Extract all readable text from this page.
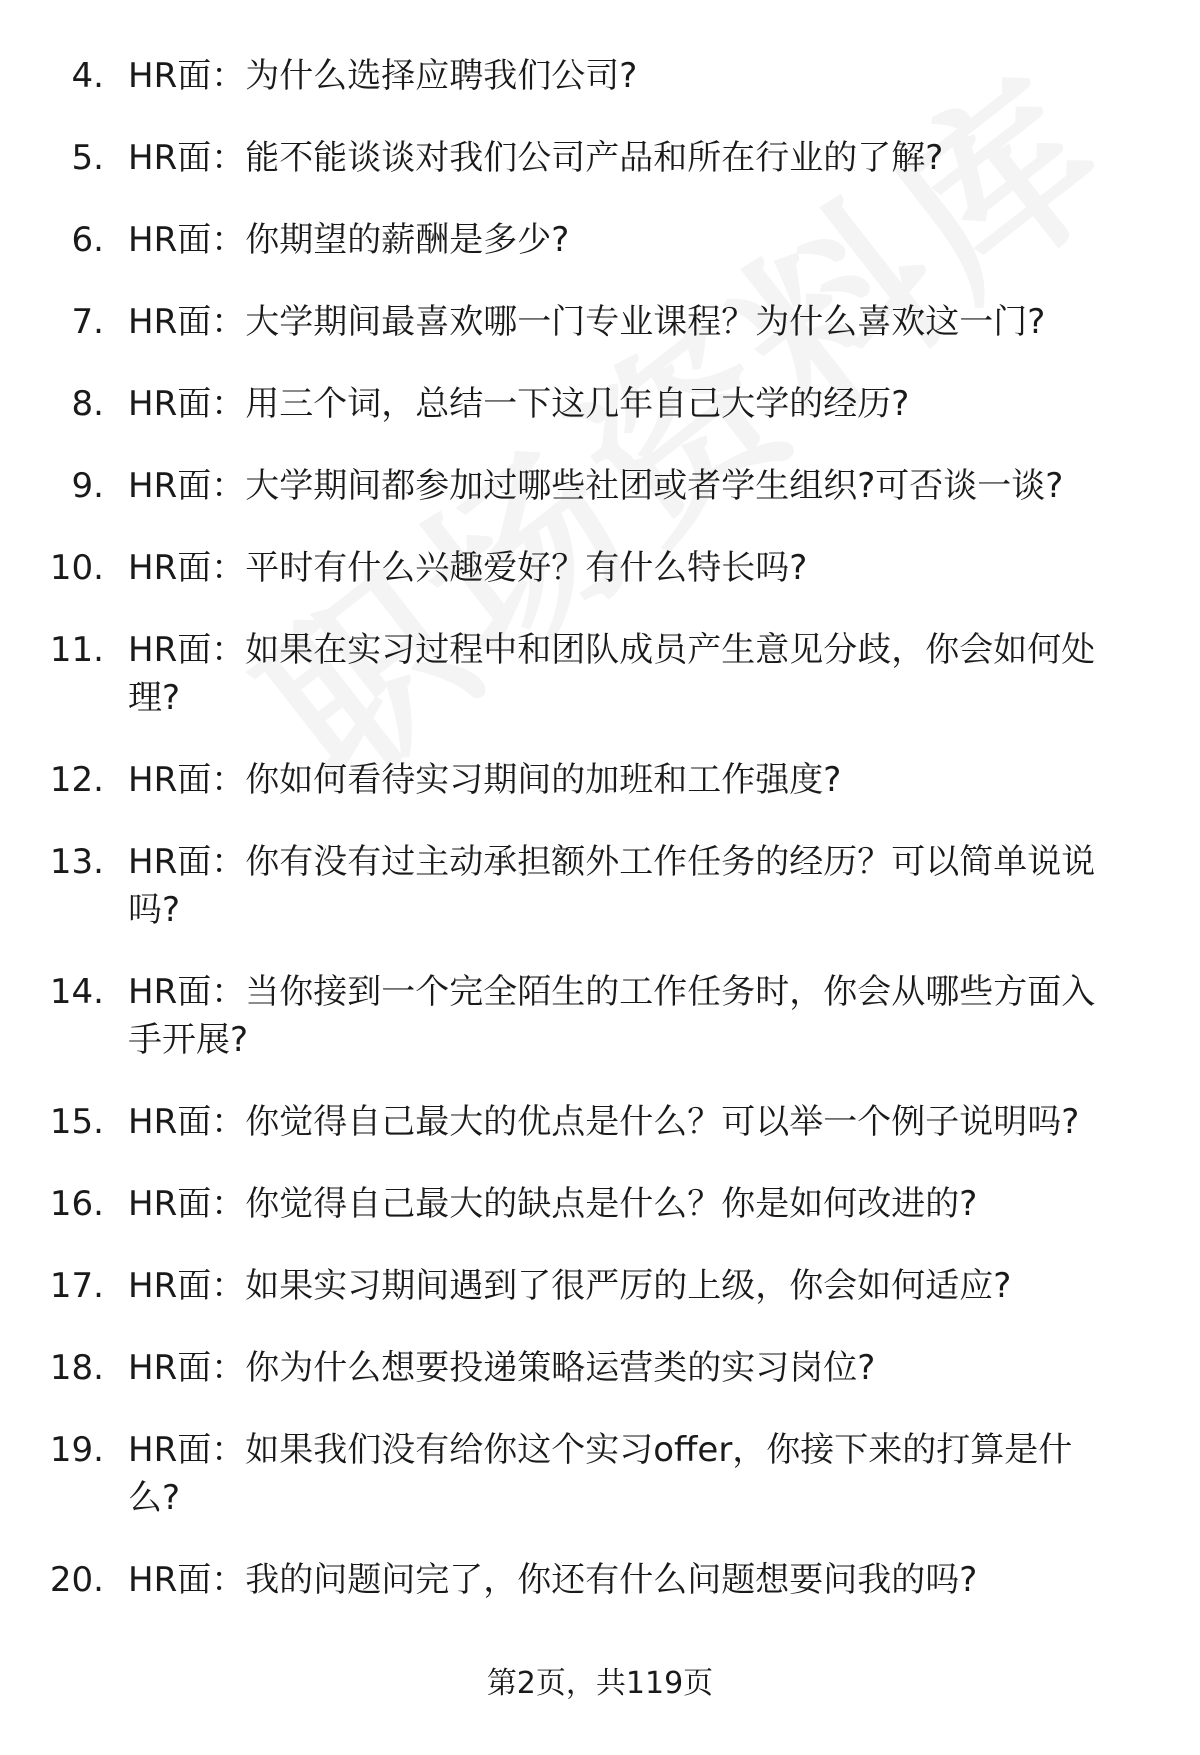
4. HR面：为什么选择应聘我们公司?
5. HR面：能不能谈谈对我们公司产品和所在行业的了解?
6. HR面：你期望的薪酬是多少?
7. HR面：大学期间最喜欢哪一门专业课程？为什么喜欢这一门?
8. HR面：用三个词，总结一下这几年自己大学的经历?
9. HR面：大学期间都参加过哪些社团或者学生组织?可否谈一谈?
10. HR面：平时有什么兴趣爱好？有什么特长吗?
11. HR面：如果在实习过程中和团队成员产生意见分歧，你会如何处理?
12. HR面：你如何看待实习期间的加班和工作强度?
13. HR面：你有没有过主动承担额外工作任务的经历？可以简单说说吗?
14. HR面：当你接到一个完全陌生的工作任务时，你会从哪些方面入手开展?
15. HR面：你觉得自己最大的优点是什么？可以举一个例子说明吗?
16. HR面：你觉得自己最大的缺点是什么？你是如何改进的?
17. HR面：如果实习期间遇到了很严厉的上级，你会如何适应?
18. HR面：你为什么想要投递策略运营类的实习岗位?
19. HR面：如果我们没有给你这个实习offer，你接下来的打算是什么?
20. HR面：我的问题问完了，你还有什么问题想要问我的吗?
第2页，共119页
